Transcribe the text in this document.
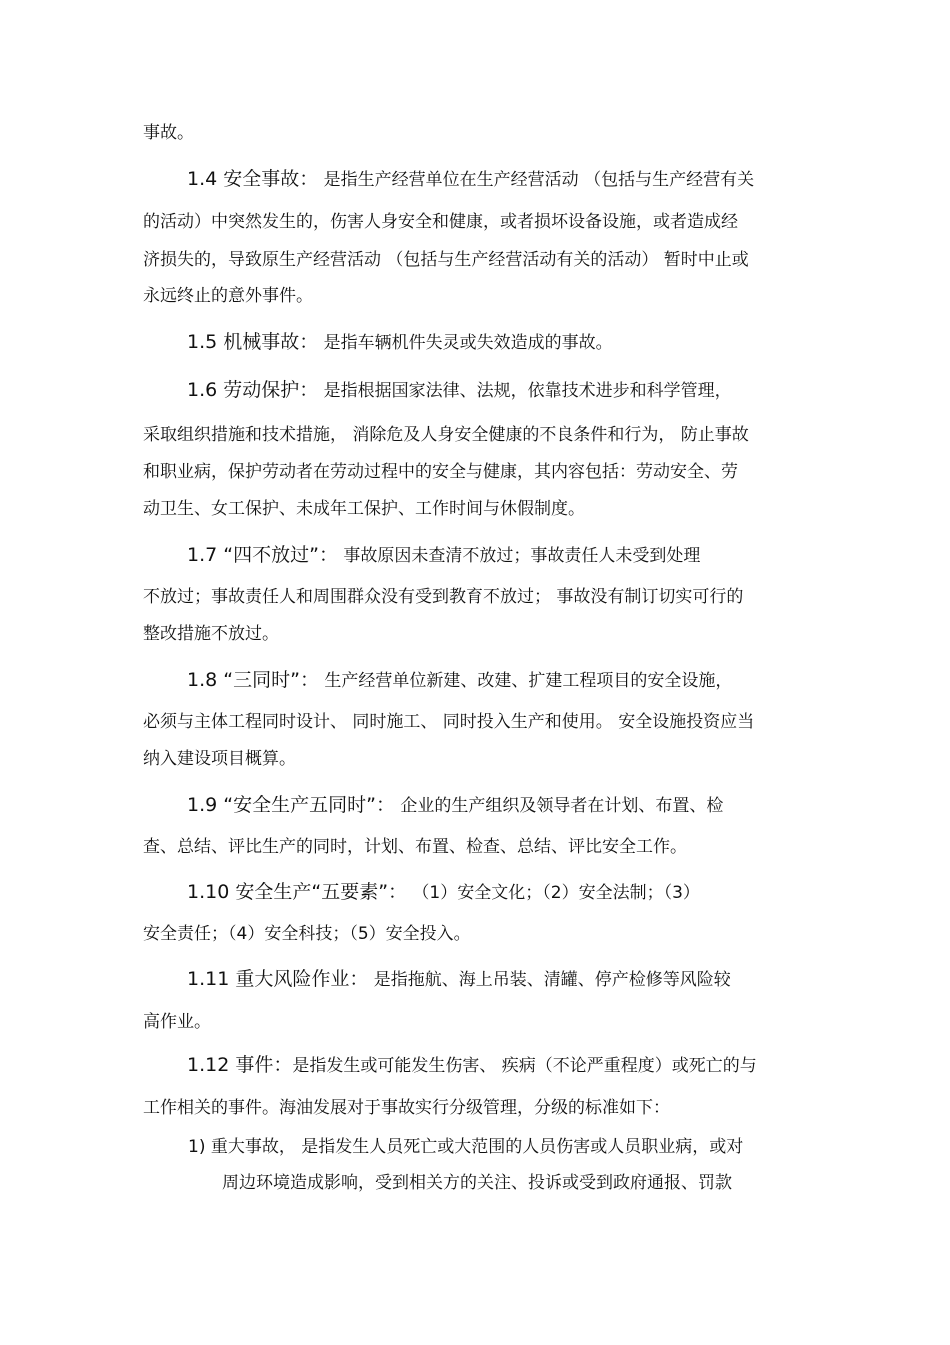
事故。
1.4 安全事故： 是指生产经营单位在生产经营活动 （包括与生产经营有关
的活动）中突然发生的，伤害人身安全和健康，或者损坏设备设施，或者造成经
济损失的，导致原生产经营活动 （包括与生产经营活动有关的活动） 暂时中止或
永远终止的意外事件。
1.5 机械事故： 是指车辆机件失灵或失效造成的事故。
1.6 劳动保护： 是指根据国家法律、法规，依靠技术进步和科学管理，
采取组织措施和技术措施， 消除危及人身安全健康的不良条件和行为， 防止事故
和职业病，保护劳动者在劳动过程中的安全与健康，其内容包括：劳动安全、劳
动卫生、女工保护、未成年工保护、工作时间与休假制度。
1.7 “四不放过”： 事故原因未查清不放过；事故责任人未受到处理
不放过；事故责任人和周围群众没有受到教育不放过； 事故没有制订切实可行的
整改措施不放过。
1.8 “三同时”： 生产经营单位新建、改建、扩建工程项目的安全设施，
必须与主体工程同时设计、 同时施工、 同时投入生产和使用。 安全设施投资应当
纳入建设项目概算。
1.9 “安全生产五同时”： 企业的生产组织及领导者在计划、布置、检
查、总结、评比生产的同时，计划、布置、检查、总结、评比安全工作。
1.10 安全生产“五要素”： （1）安全文化；（2）安全法制；（3）
安全责任；（4）安全科技；（5）安全投入。
1.11 重大风险作业： 是指拖航、海上吊装、清罐、停产检修等风险较
高作业。
1.12 事件：是指发生或可能发生伤害、 疾病（不论严重程度）或死亡的与
工作相关的事件。海油发展对于事故实行分级管理，分级的标准如下：
1) 重大事故， 是指发生人员死亡或大范围的人员伤害或人员职业病，或对
周边环境造成影响，受到相关方的关注、投诉或受到政府通报、罚款
